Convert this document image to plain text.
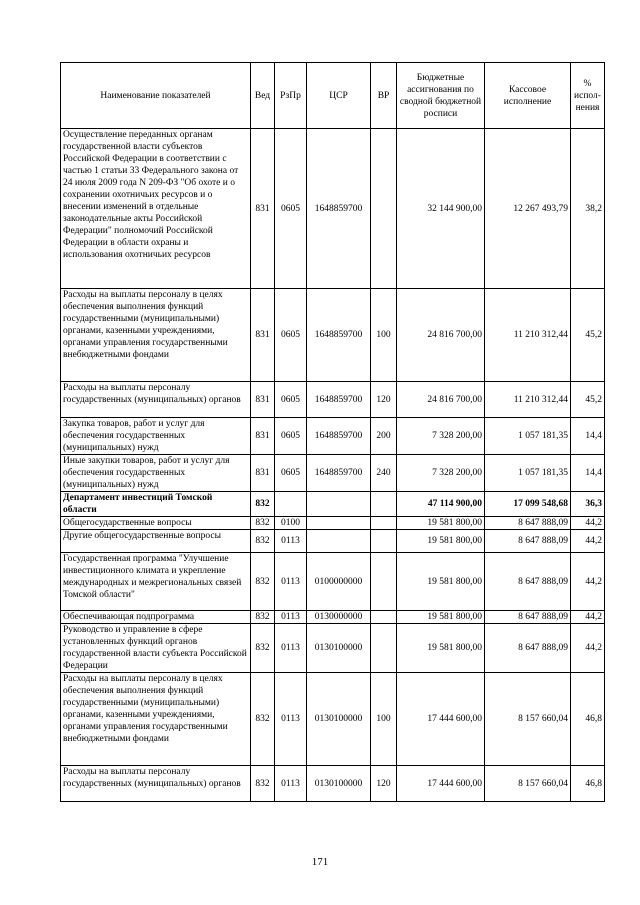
Наименование показателей	Вед	РзПр	ЦСР	ВР	Бюджетные ассигнования по сводной бюджетной росписи	Кассовое исполнение	% испол-нения
Осуществление переданных органам государственной власти субъектов Российской Федерации в соответствии с частью 1 статьи 33 Федерального закона от 24 июля 2009 года N 209-ФЗ "Об охоте и о сохранении охотничьих ресурсов и о внесении изменений в отдельные законодательные акты Российской Федерации" полномочий Российской Федерации в области охраны и использования охотничьих ресурсов	831	0605	1648859700		32 144 900,00	12 267 493,79	38,2
Расходы на выплаты персоналу в целях обеспечения выполнения функций государственными (муниципальными) органами, казенными учреждениями, органами управления государственными внебюджетными фондами	831	0605	1648859700	100	24 816 700,00	11 210 312,44	45,2
Расходы на выплаты персоналу государственных (муниципальных) органов	831	0605	1648859700	120	24 816 700,00	11 210 312,44	45,2
Закупка товаров, работ и услуг для обеспечения государственных (муниципальных) нужд	831	0605	1648859700	200	7 328 200,00	1 057 181,35	14,4
Иные закупки товаров, работ и услуг для обеспечения государственных (муниципальных) нужд	831	0605	1648859700	240	7 328 200,00	1 057 181,35	14,4
Департамент инвестиций Томской области	832				47 114 900,00	17 099 548,68	36,3
Общегосударственные вопросы	832	0100			19 581 800,00	8 647 888,09	44,2
Другие общегосударственные вопросы	832	0113			19 581 800,00	8 647 888,09	44,2
Государственная программа "Улучшение инвестиционного климата и укрепление международных и межрегиональных связей Томской области"	832	0113	0100000000		19 581 800,00	8 647 888,09	44,2
Обеспечивающая подпрограмма	832	0113	0130000000		19 581 800,00	8 647 888,09	44,2
Руководство и управление в сфере установленных функций органов государственной власти субъекта Российской Федерации	832	0113	0130100000		19 581 800,00	8 647 888,09	44,2
Расходы на выплаты персоналу в целях обеспечения выполнения функций государственными (муниципальными) органами, казенными учреждениями, органами управления государственными внебюджетными фондами	832	0113	0130100000	100	17 444 600,00	8 157 660,04	46,8
Расходы на выплаты персоналу государственных (муниципальных) органов	832	0113	0130100000	120	17 444 600,00	8 157 660,04	46,8
171
